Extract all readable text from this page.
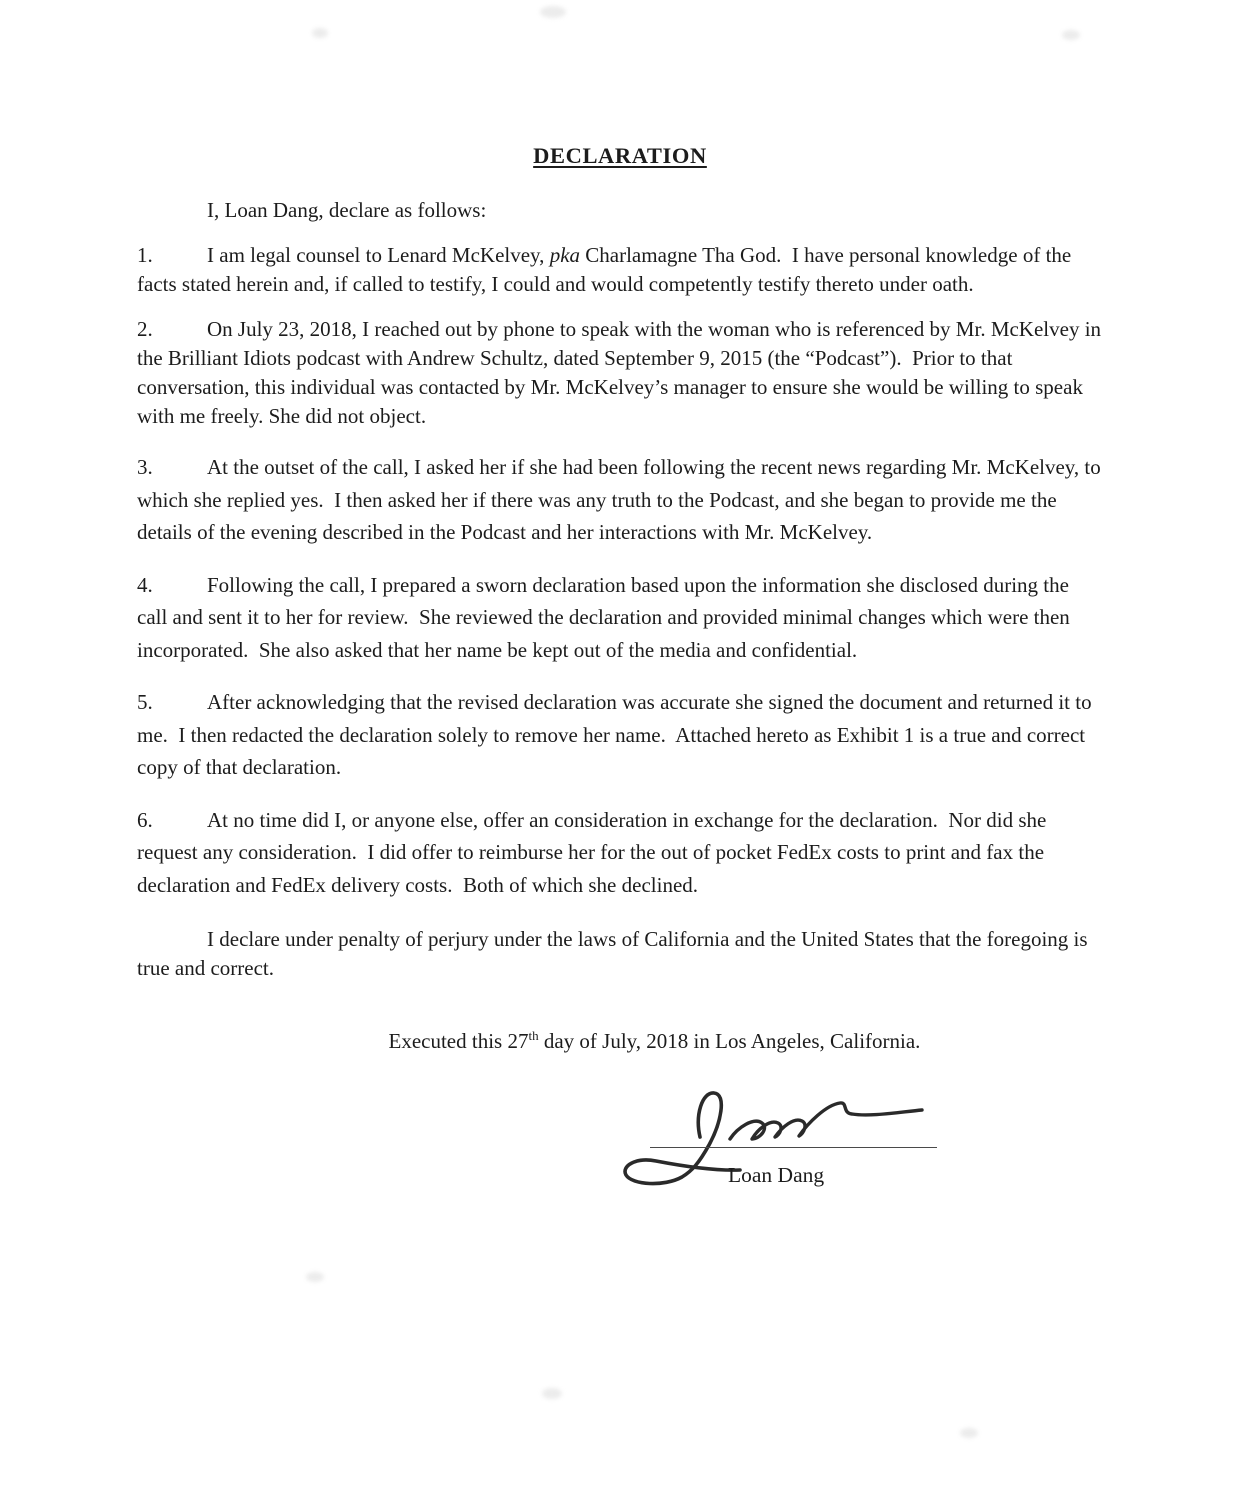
DECLARATION
I, Loan Dang, declare as follows:
1.	I am legal counsel to Lenard McKelvey, pka Charlamagne Tha God.  I have personal knowledge of the facts stated herein and, if called to testify, I could and would competently testify thereto under oath.
2.	On July 23, 2018, I reached out by phone to speak with the woman who is referenced by Mr. McKelvey in the Brilliant Idiots podcast with Andrew Schultz, dated September 9, 2015 (the “Podcast”).  Prior to that conversation, this individual was contacted by Mr. McKelvey’s manager to ensure she would be willing to speak with me freely. She did not object.
3.	At the outset of the call, I asked her if she had been following the recent news regarding Mr. McKelvey, to which she replied yes.  I then asked her if there was any truth to the Podcast, and she began to provide me the details of the evening described in the Podcast and her interactions with Mr. McKelvey.
4.	Following the call, I prepared a sworn declaration based upon the information she disclosed during the call and sent it to her for review.  She reviewed the declaration and provided minimal changes which were then incorporated.  She also asked that her name be kept out of the media and confidential.
5.	After acknowledging that the revised declaration was accurate she signed the document and returned it to me.  I then redacted the declaration solely to remove her name.  Attached hereto as Exhibit 1 is a true and correct copy of that declaration.
6.	At no time did I, or anyone else, offer an consideration in exchange for the declaration.  Nor did she request any consideration.  I did offer to reimburse her for the out of pocket FedEx costs to print and fax the declaration and FedEx delivery costs.  Both of which she declined.
I declare under penalty of perjury under the laws of California and the United States that the foregoing is true and correct.

Executed this 27th day of July, 2018 in Los Angeles, California.

Loan Dang
